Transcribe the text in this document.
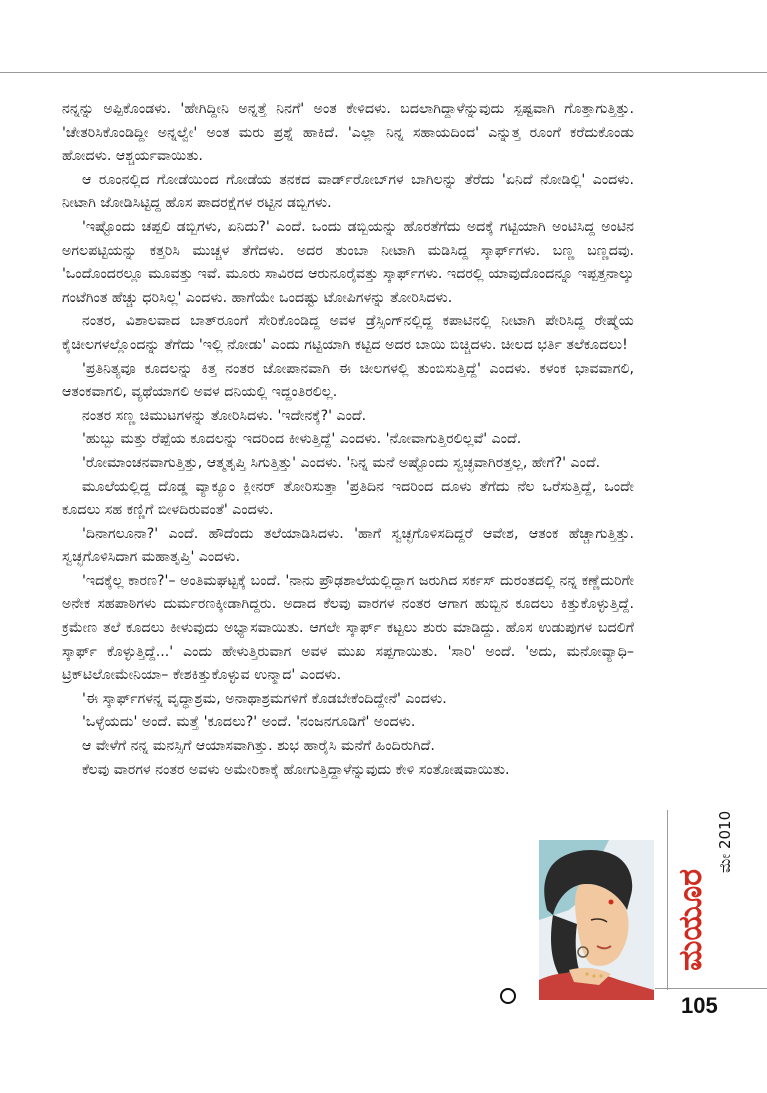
ನನ್ನನ್ನು ಅಪ್ಪಿಕೊಂಡಳು. 'ಹೇಗಿದ್ದೀನಿ ಅನ್ನತ್ತೆ ನಿನಗೆ' ಅಂತ ಕೇಳಿದಳು. ಬದಲಾಗಿದ್ದಾಳೆನ್ನುವುದು ಸ್ಪಷ್ಟವಾಗಿ ಗೊತ್ತಾಗುತ್ತಿತ್ತು. 'ಚೇತರಿಸಿಕೊಂಡಿದ್ದೀ ಅನ್ನಲ್ವೇ' ಅಂತ ಮರು ಪ್ರಶ್ನೆ ಹಾಕಿದೆ. 'ಎಲ್ಲಾ ನಿನ್ನ ಸಹಾಯದಿಂದ' ಎನ್ನುತ್ತ ರೂಂಗೆ ಕರೆದುಕೊಂಡು ಹೋದಳು. ಆಶ್ಚರ್ಯವಾಯಿತು.

ಆ ರೂಂನಲ್ಲಿದ ಗೋಡೆಯಿಂದ ಗೋಡೆಯ ತನಕದ ವಾರ್ಡ್‌ರೋಬ್‌ಗಳ ಬಾಗಿಲನ್ನು ತೆರೆದು 'ಏನಿದೆ ನೋಡಿಲ್ಲಿ' ಎಂದಳು. ನೀಟಾಗಿ ಜೋಡಿಸಿಟ್ಟಿದ್ದ ಹೊಸ ಪಾದರಕ್ಷೆಗಳ ರಟ್ಟಿನ ಡಬ್ಬಿಗಳು.

'ಇಷ್ಟೊಂದು ಚಪ್ಪಲಿ ಡಬ್ಬಿಗಳು, ಏನಿದು?' ಎಂದೆ. ಒಂದು ಡಬ್ಬಿಯನ್ನು ಹೊರತೆಗೆದು ಅದಕ್ಕೆ ಗಟ್ಟಿಯಾಗಿ ಅಂಟಿಸಿದ್ದ ಅಂಟಿನ ಅಗಲಪಟ್ಟಿಯನ್ನು ಕತ್ತರಿಸಿ ಮುಚ್ಚಳ ತೆಗೆದಳು. ಅದರ ತುಂಬಾ ನೀಟಾಗಿ ಮಡಿಸಿದ್ದ ಸ್ಕಾರ್ಫ್‌ಗಳು. ಬಣ್ಣ ಬಣ್ಣದವು. 'ಒಂದೊಂದರಲ್ಲೂ ಮೂವತ್ತು ಇವೆ. ಮೂರು ಸಾವಿರದ ಆರುನೂರೈವತ್ತು ಸ್ಕಾರ್ಫ್‌ಗಳು. ಇದರಲ್ಲಿ ಯಾವುದೊಂದನ್ನೂ ಇಪ್ಪತ್ತನಾಲ್ಕು ಗಂಟೆಗಿಂತ ಹೆಚ್ಚು ಧರಿಸಿಲ್ಲ' ಎಂದಳು. ಹಾಗೆಯೇ ಒಂದಷ್ಟು ಟೋಪಿಗಳನ್ನು ತೋರಿಸಿದಳು.

ನಂತರ, ವಿಶಾಲವಾದ ಬಾತ್‌ರೂಂಗೆ ಸೇರಿಕೊಂಡಿದ್ದ ಅವಳ ಡ್ರೆಸ್ಸಿಂಗ್‌ನಲ್ಲಿದ್ದ ಕಪಾಟಿನಲ್ಲಿ ನೀಟಾಗಿ ಪೇರಿಸಿದ್ದ ರೇಷ್ಮೆಯ ಕೈಚೀಲಗಳಲ್ಲೊಂದನ್ನು ತೆಗೆದು 'ಇಲ್ಲಿ ನೋಡು' ಎಂದು ಗಟ್ಟಿಯಾಗಿ ಕಟ್ಟಿದ ಅದರ ಬಾಯಿ ಬಿಚ್ಚಿದಳು. ಚೀಲದ ಭರ್ತಿ ತಲೆಕೂದಲು!

'ಪ್ರತಿನಿತ್ಯವೂ ಕೂದಲನ್ನು ಕಿತ್ತ ನಂತರ ಜೋಪಾನವಾಗಿ ಈ ಚೀಲಗಳಲ್ಲಿ ತುಂಬಿಸುತ್ತಿದ್ದೆ' ಎಂದಳು. ಕಳಂಕ ಭಾವವಾಗಲಿ, ಆತಂಕವಾಗಲಿ, ವ್ಯಥೆಯಾಗಲಿ ಅವಳ ದನಿಯಲ್ಲಿ ಇದ್ದಂತಿರಲಿಲ್ಲ.

ನಂತರ ಸಣ್ಣ ಚಿಮುಟಗಳನ್ನು ತೋರಿಸಿದಳು. 'ಇದೇನಕ್ಕೆ?' ಎಂದೆ.

'ಹುಬ್ಬು ಮತ್ತು ರೆಪ್ಪೆಯ ಕೂದಲನ್ನು ಇದರಿಂದ ಕೀಳುತ್ತಿದ್ದೆ' ಎಂದಳು. 'ನೋವಾಗುತ್ತಿರಲಿಲ್ಲವೆ' ಎಂದೆ.

'ರೋಮಾಂಚನವಾಗುತ್ತಿತ್ತು, ಆತ್ಮತೃಪ್ತಿ ಸಿಗುತ್ತಿತ್ತು' ಎಂದಳು. 'ನಿನ್ನ ಮನೆ ಅಷ್ಟೊಂದು ಸ್ವಚ್ಛವಾಗಿರತ್ತಲ್ಲ, ಹೇಗೆ?' ಎಂದೆ.

ಮೂಲೆಯಲ್ಲಿದ್ದ ದೊಡ್ಡ ವ್ಯಾಕ್ಯೂಂ ಕ್ಲೀನರ್ ತೋರಿಸುತ್ತಾ 'ಪ್ರತಿದಿನ ಇದರಿಂದ ದೂಳು ತೆಗೆದು ನೆಲ ಒರೆಸುತ್ತಿದ್ದೆ, ಒಂದೇ ಕೂದಲು ಸಹ ಕಣ್ಣಿಗೆ ಬೀಳದಿರುವಂತೆ' ಎಂದಳು.

'ದಿನಾಗಲೂನಾ?' ಎಂದೆ. ಹೌದೆಂದು ತಲೆಯಾಡಿಸಿದಳು. 'ಹಾಗೆ ಸ್ವಚ್ಛಗೊಳಿಸದಿದ್ದರೆ ಆವೇಶ, ಆತಂಕ ಹೆಚ್ಚಾಗುತ್ತಿತ್ತು. ಸ್ವಚ್ಛಗೊಳಿಸಿದಾಗ ಮಹಾತೃಪ್ತಿ' ಎಂದಳು.

'ಇದಕ್ಕೆಲ್ಲ ಕಾರಣ?'– ಅಂತಿಮಘಟ್ಟಕ್ಕೆ ಬಂದೆ. 'ನಾನು ಪ್ರೌಢಶಾಲೆಯಲ್ಲಿದ್ದಾಗ ಜರುಗಿದ ಸರ್ಕಸ್ ದುರಂತದಲ್ಲಿ ನನ್ನ ಕಣ್ಣೆದುರಿಗೇ ಅನೇಕ ಸಹಪಾಠಿಗಳು ದುರ್ಮರಣಕ್ಕೀಡಾಗಿದ್ದರು. ಅದಾದ ಕೆಲವು ವಾರಗಳ ನಂತರ ಆಗಾಗ ಹುಬ್ಬಿನ ಕೂದಲು ಕಿತ್ತುಕೊಳ್ಳುತ್ತಿದ್ದೆ. ಕ್ರಮೇಣ ತಲೆ ಕೂದಲು ಕೀಳುವುದು ಅಭ್ಯಾಸವಾಯಿತು. ಆಗಲೇ ಸ್ಕಾರ್ಫ್ ಕಟ್ಟಲು ಶುರು ಮಾಡಿದ್ದು. ಹೊಸ ಉಡುಪುಗಳ ಬದಲಿಗೆ ಸ್ಕಾರ್ಫ್ ಕೊಳ್ಳುತ್ತಿದ್ದೆ...' ಎಂದು ಹೇಳುತ್ತಿರುವಾಗ ಅವಳ ಮುಖ ಸಪ್ಪಗಾಯಿತು. 'ಸಾರಿ' ಅಂದೆ. 'ಅದು, ಮನೋವ್ಯಾಧಿ– ಟ್ರಿಕ್‌ಟಿಲೋಮೇನಿಯಾ– ಕೇಶಕಿತ್ತುಕೊಳ್ಳುವ ಉನ್ಮಾದ' ಎಂದಳು.

'ಈ ಸ್ಕಾರ್ಫ್‌ಗಳನ್ನ ವೃದ್ಧಾಶ್ರಮ, ಅನಾಥಾಶ್ರಮಗಳಿಗೆ ಕೊಡಬೇಕೆಂದಿದ್ದೇನೆ' ಎಂದಳು.

'ಒಳ್ಳೆಯದು' ಅಂದೆ. ಮತ್ತೆ 'ಕೂದಲು?' ಅಂದೆ. 'ನಂಜನಗೂಡಿಗೆ' ಅಂದಳು.

ಆ ವೇಳೆಗೆ ನನ್ನ ಮನಸ್ಸಿಗೆ ಆಯಾಸವಾಗಿತ್ತು. ಶುಭ ಹಾರೈಸಿ ಮನೆಗೆ ಹಿಂದಿರುಗಿದೆ.

ಕೆಲವು ವಾರಗಳ ನಂತರ ಅವಳು ಅಮೇರಿಕಾಕ್ಕೆ ಹೋಗುತ್ತಿದ್ದಾಳೆನ್ನುವುದು ಕೇಳಿ ಸಂತೋಷವಾಯಿತು.

ಮಯೂರ
ಮೇ 2010
105
